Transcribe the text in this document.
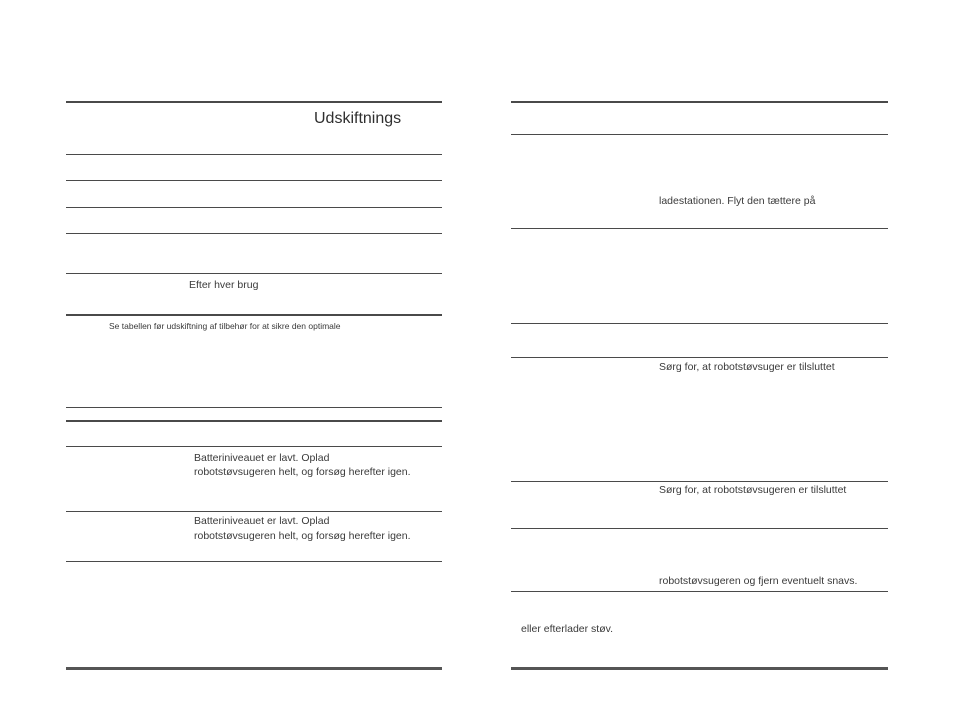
Udskiftnings
Efter hver brug
Se tabellen før udskiftning af tilbehør for at sikre den optimale
Batteriniveauet er lavt. Oplad
robotstøvsugeren helt, og forsøg herefter igen.
Batteriniveauet er lavt. Oplad
robotstøvsugeren helt, og forsøg herefter igen.
ladestationen. Flyt den tættere på
Sørg for, at robotstøvsuger er tilsluttet
Sørg for, at robotstøvsugeren er tilsluttet
robotstøvsugeren og fjern eventuelt snavs.
eller efterlader støv.
